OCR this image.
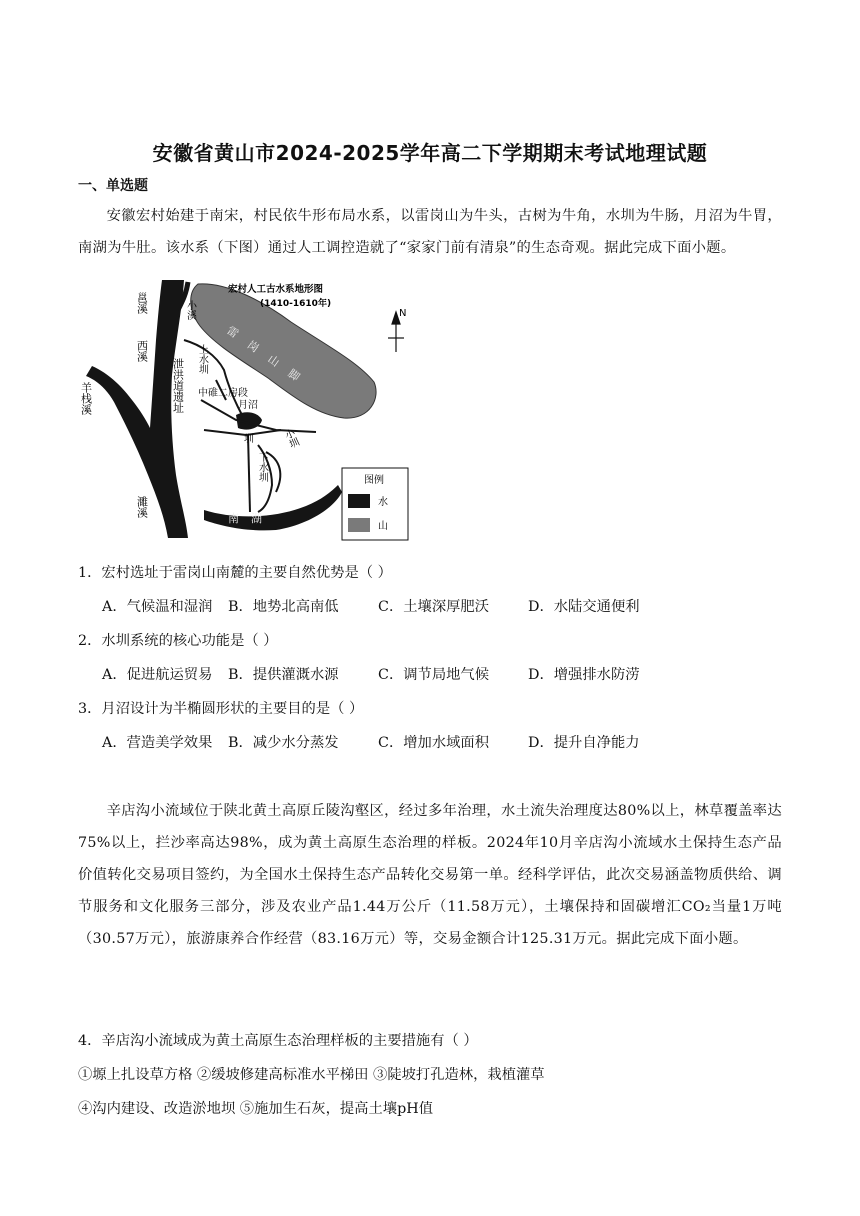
安徽省黄山市2024-2025学年高二下学期期末考试地理试题
一、单选题
安徽宏村始建于南宋，村民依牛形布局水系，以雷岗山为牛头，古树为牛角，水圳为牛肠，月沼为牛胃，南湖为牛肚。该水系（下图）通过人工调控造就了“家家门前有清泉”的生态奇观。据此完成下面小题。
N
宏村人工古水系地形图
(1410-1610年)
邕溪	小溪
西溪
羊栈溪
濉溪
雷岗山脚
上水圳
泄洪道遗址	月沼
中碓二房段
圳
下水圳
小圳
南湖
图例
水
山
1．宏村选址于雷岗山南麓的主要自然优势是（ ）
A．气候温和湿润 B．地势北高南低	C．土壤深厚肥沃	D．水陆交通便利
2．水圳系统的核心功能是（ ）
A．促进航运贸易 B．提供灌溉水源	C．调节局地气候	D．增强排水防涝
3．月沼设计为半椭圆形状的主要目的是（ ）
A．营造美学效果 B．减少水分蒸发	C．增加水域面积	D．提升自净能力
辛店沟小流域位于陕北黄土高原丘陵沟壑区，经过多年治理，水土流失治理度达80%以上，林草覆盖率达75%以上，拦沙率高达98%，成为黄土高原生态治理的样板。2024年10月辛店沟小流域水土保持生态产品价值转化交易项目签约，为全国水土保持生态产品转化交易第一单。经科学评估，此次交易涵盖物质供给、调节服务和文化服务三部分，涉及农业产品1.44万公斤（11.58万元），土壤保持和固碳增汇CO₂当量1万吨（30.57万元），旅游康养合作经营（83.16万元）等，交易金额合计125.31万元。据此完成下面小题。
4．辛店沟小流域成为黄土高原生态治理样板的主要措施有（ ）
①塬上扎设草方格 ②缓坡修建高标准水平梯田 ③陡坡打孔造林，栽植灌草
④沟内建设、改造淤地坝 ⑤施加生石灰，提高土壤pH值
